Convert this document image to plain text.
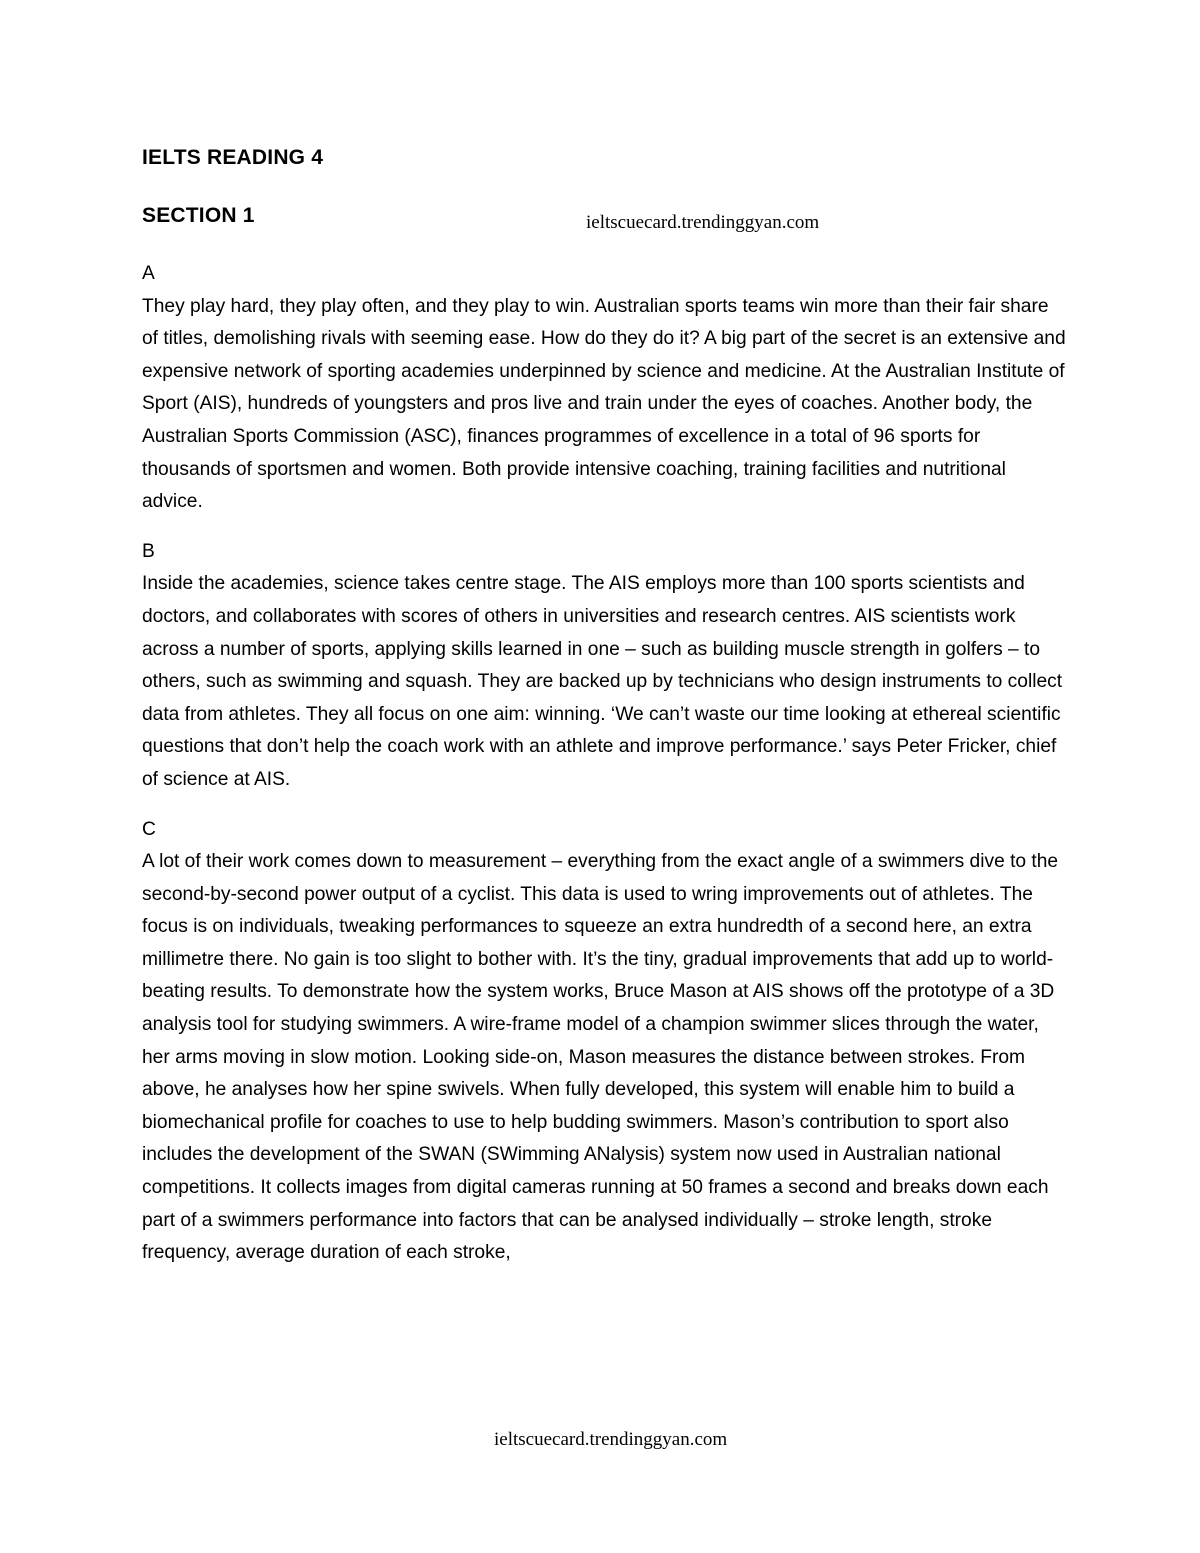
IELTS READING 4
SECTION 1	ieltscuecard.trendinggyan.com
A
They play hard, they play often, and they play to win. Australian sports teams win more than their fair share of titles, demolishing rivals with seeming ease. How do they do it? A big part of the secret is an extensive and expensive network of sporting academies underpinned by science and medicine. At the Australian Institute of Sport (AIS), hundreds of youngsters and pros live and train under the eyes of coaches. Another body, the Australian Sports Commission (ASC), finances programmes of excellence in a total of 96 sports for thousands of sportsmen and women. Both provide intensive coaching, training facilities and nutritional advice.
B
Inside the academies, science takes centre stage. The AIS employs more than 100 sports scientists and doctors, and collaborates with scores of others in universities and research centres. AIS scientists work across a number of sports, applying skills learned in one – such as building muscle strength in golfers – to others, such as swimming and squash. They are backed up by technicians who design instruments to collect data from athletes. They all focus on one aim: winning. ‘We can’t waste our time looking at ethereal scientific questions that don’t help the coach work with an athlete and improve performance.’ says Peter Fricker, chief of science at AIS.
C
A lot of their work comes down to measurement – everything from the exact angle of a swimmers dive to the second-by-second power output of a cyclist. This data is used to wring improvements out of athletes. The focus is on individuals, tweaking performances to squeeze an extra hundredth of a second here, an extra millimetre there. No gain is too slight to bother with. It’s the tiny, gradual improvements that add up to world-beating results. To demonstrate how the system works, Bruce Mason at AIS shows off the prototype of a 3D analysis tool for studying swimmers. A wire-frame model of a champion swimmer slices through the water, her arms moving in slow motion. Looking side-on, Mason measures the distance between strokes. From above, he analyses how her spine swivels. When fully developed, this system will enable him to build a biomechanical profile for coaches to use to help budding swimmers. Mason’s contribution to sport also includes the development of the SWAN (SWimming ANalysis) system now used in Australian national competitions. It collects images from digital cameras running at 50 frames a second and breaks down each part of a swimmers performance into factors that can be analysed individually – stroke length, stroke frequency, average duration of each stroke,
ieltscuecard.trendinggyan.com
